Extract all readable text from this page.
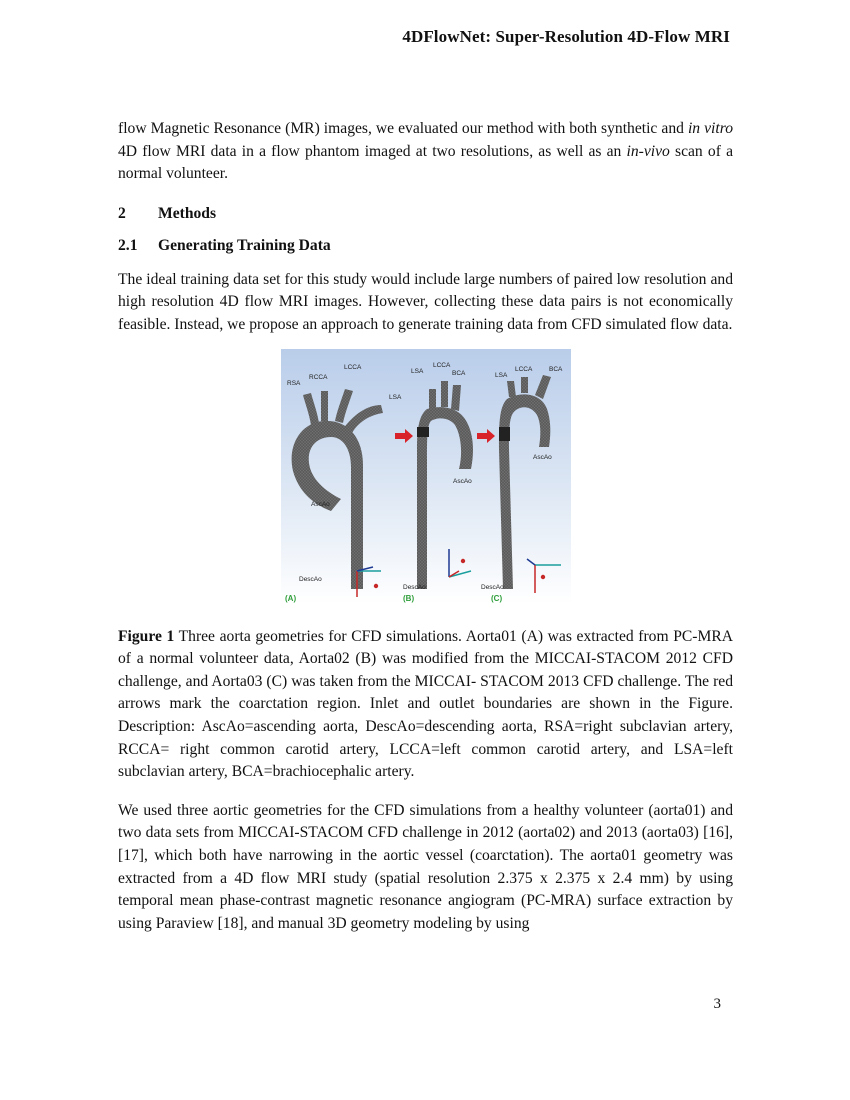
4DFlowNet: Super-Resolution 4D-Flow MRI

flow Magnetic Resonance (MR) images, we evaluated our method with both synthetic and in vitro 4D flow MRI data in a flow phantom imaged at two resolutions, as well as an in-vivo scan of a normal volunteer.

2 Methods
2.1 Generating Training Data

The ideal training data set for this study would include large numbers of paired low resolution and high resolution 4D flow MRI images. However, collecting these data pairs is not economically feasible. Instead, we propose an approach to generate training data from CFD simulated flow data.

LCCA
RCCA
RSA
LSA
AscAo
DescAo
(A)
LCCA
LSA	BCA
AscAo
DescAo
(B)
LCCA	BCA
LSA
AscAo
DescAo
(C)

Figure 1 Three aorta geometries for CFD simulations. Aorta01 (A) was extracted from PC-MRA of a normal volunteer data, Aorta02 (B) was modified from the MICCAI-STACOM 2012 CFD challenge, and Aorta03 (C) was taken from the MICCAI- STACOM 2013 CFD challenge. The red arrows mark the coarctation region. Inlet and outlet boundaries are shown in the Figure. Description: AscAo=ascending aorta, DescAo=descending aorta, RSA=right subclavian artery, RCCA= right common carotid artery, LCCA=left common carotid artery, and LSA=left subclavian artery, BCA=brachiocephalic artery.

We used three aortic geometries for the CFD simulations from a healthy volunteer (aorta01) and two data sets from MICCAI-STACOM CFD challenge in 2012 (aorta02) and 2013 (aorta03) [16], [17], which both have narrowing in the aortic vessel (coarctation). The aorta01 geometry was extracted from a 4D flow MRI study (spatial resolution 2.375 x 2.375 x 2.4 mm) by using temporal mean phase-contrast magnetic resonance angiogram (PC-MRA) surface extraction by using Paraview [18], and manual 3D geometry modeling by using

3
